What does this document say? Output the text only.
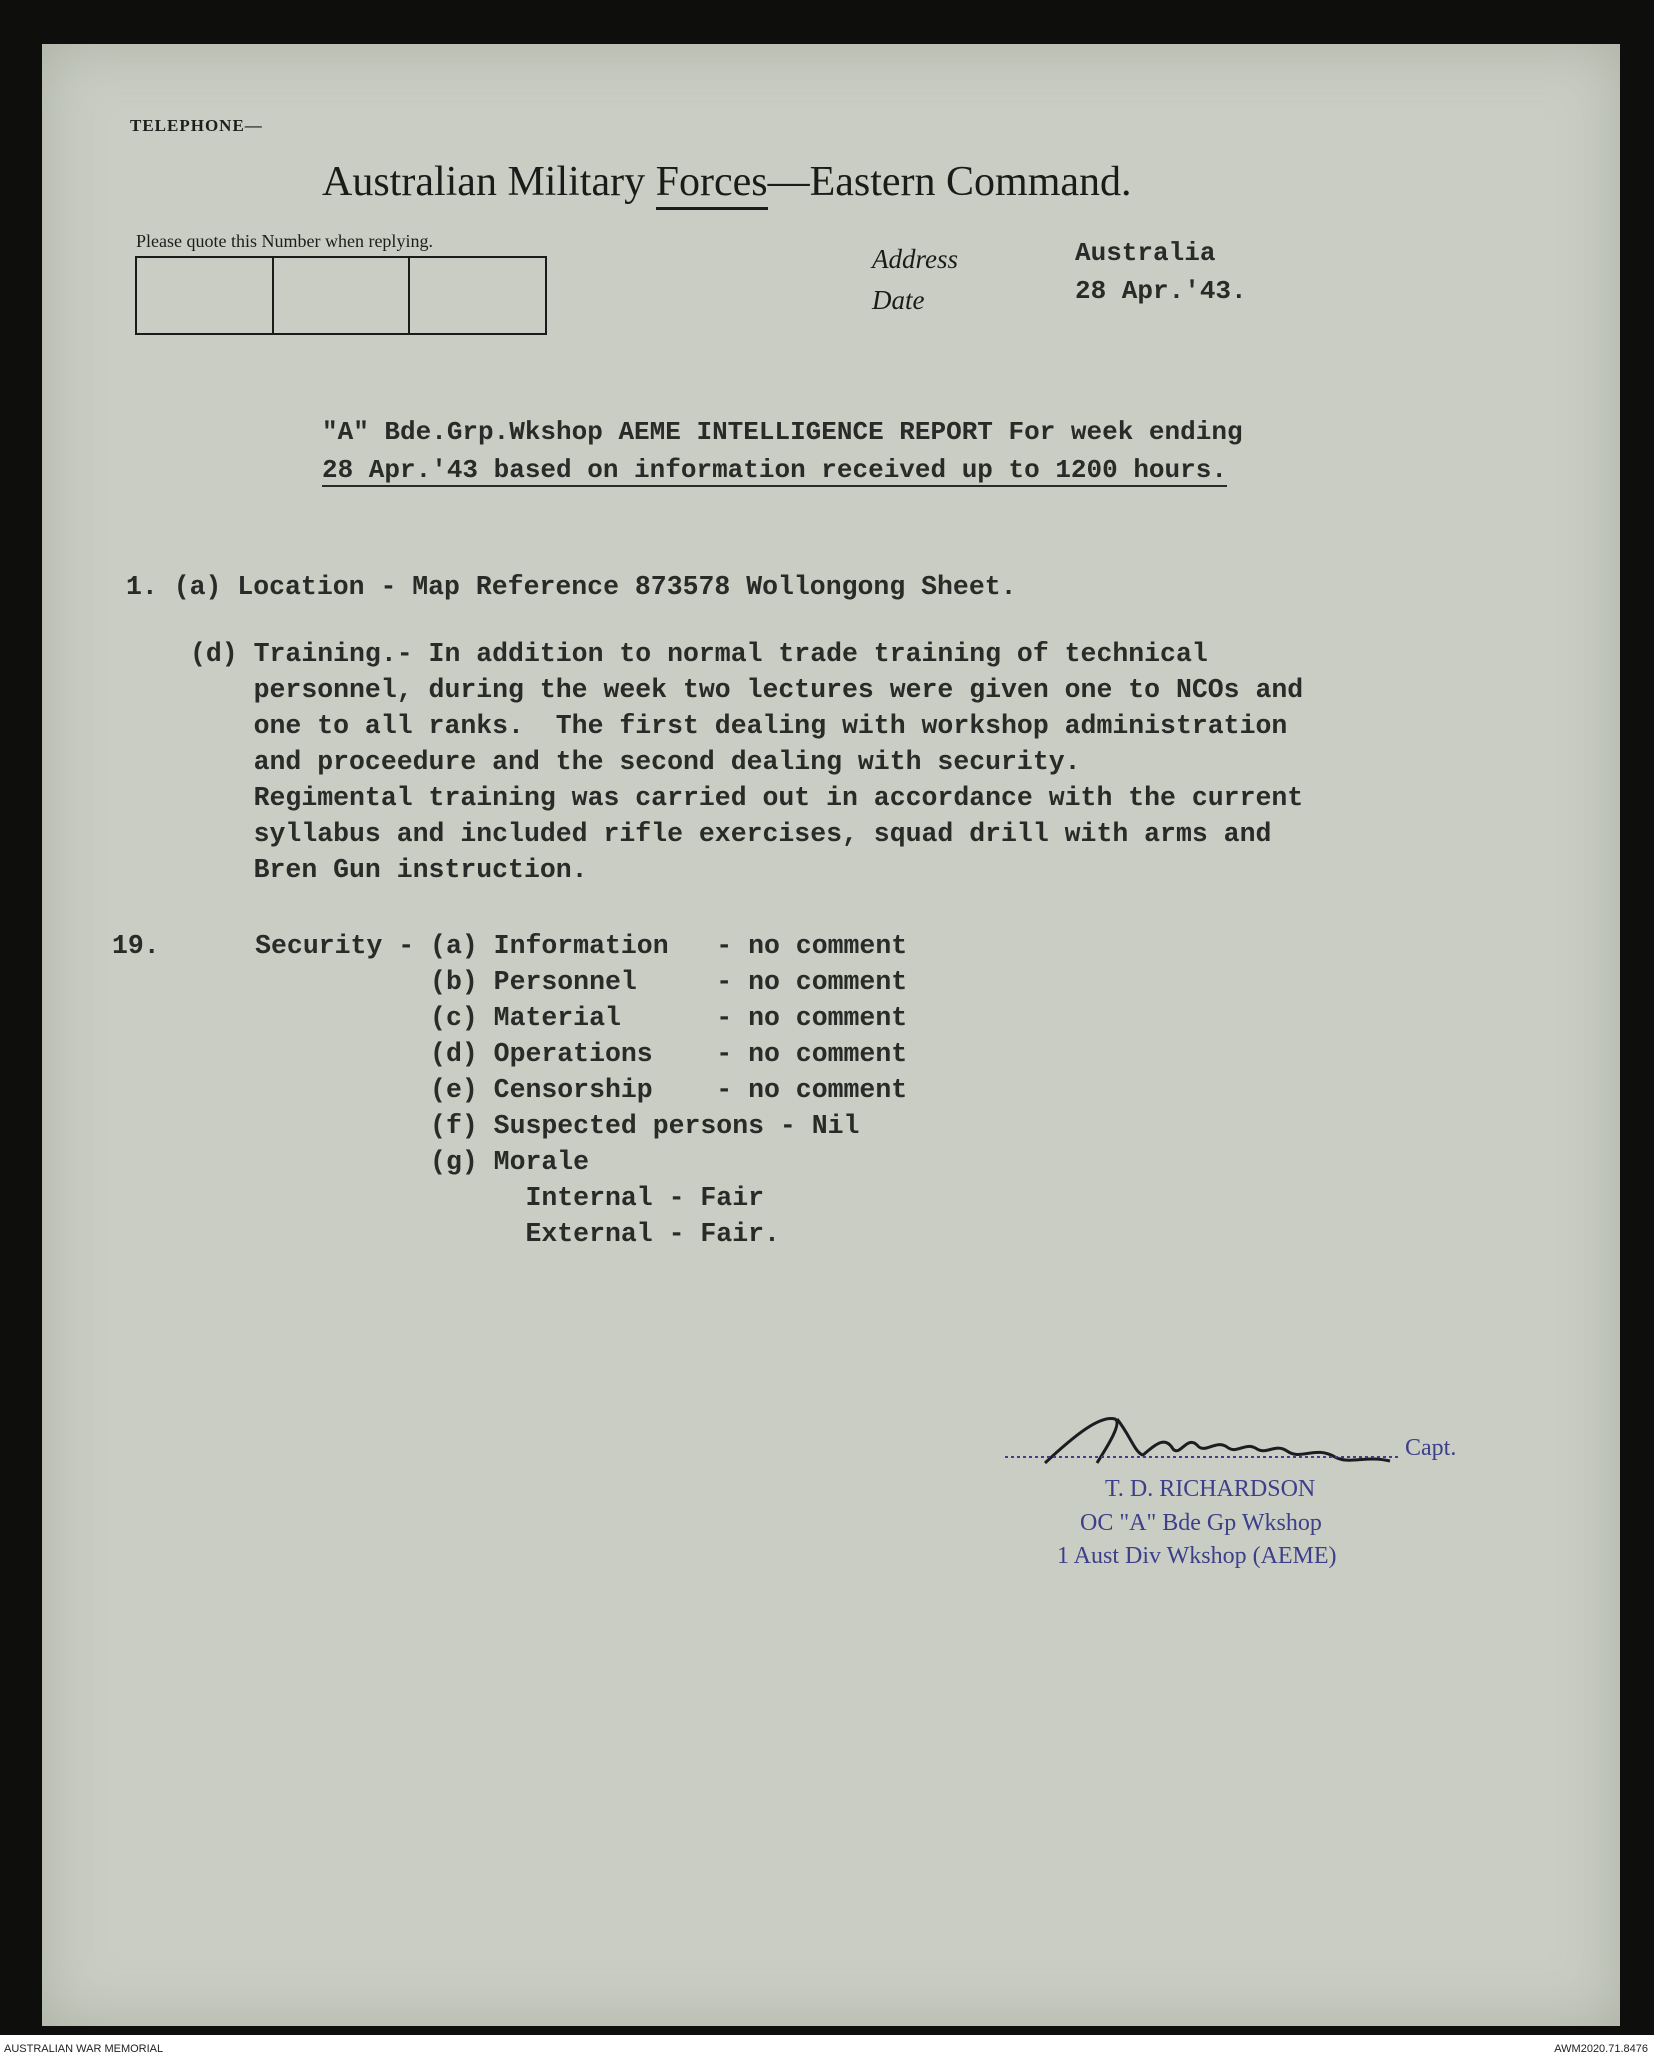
TELEPHONE—
Australian Military Forces—Eastern Command.
Please quote this Number when replying.
Address
Date
Australia
28 Apr.'43.
"A" Bde.Grp.Wkshop AEME INTELLIGENCE REPORT For week ending
28 Apr.'43 based on information received up to 1200 hours.
1. (a) Location - Map Reference 873578 Wollongong Sheet.
(d) Training.- In addition to normal trade training of technical
personnel, during the week two lectures were given one to NCOs and
one to all ranks.  The first dealing with workshop administration
and proceedure and the second dealing with security.
Regimental training was carried out in accordance with the current
syllabus and included rifle exercises, squad drill with arms and
Bren Gun instruction.
19.      Security - (a) Information   - no comment
(b) Personnel     - no comment
(c) Material      - no comment
(d) Operations    - no comment
(e) Censorship    - no comment
(f) Suspected persons - Nil
(g) Morale
Internal - Fair
External - Fair.
Capt.
T. D. RICHARDSON
OC "A" Bde Gp Wkshop
1 Aust Div Wkshop (AEME)
AUSTRALIAN WAR MEMORIAL	AWM2020.71.8476
